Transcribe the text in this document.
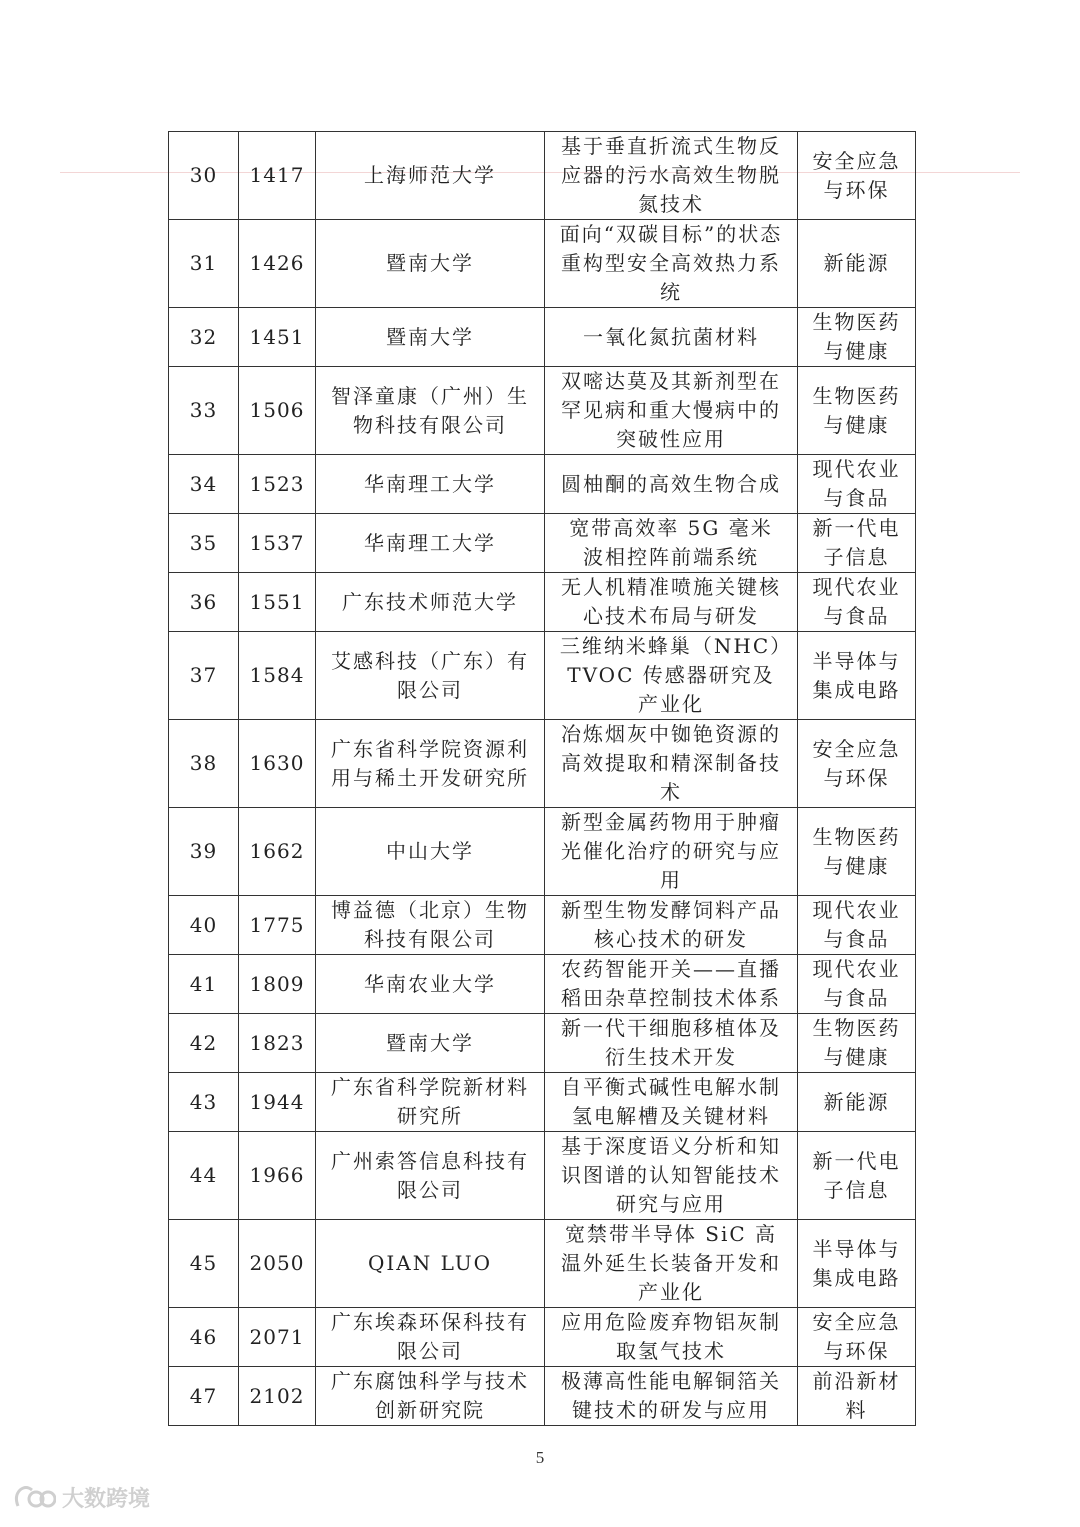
30	1417	上海师范大学	基于垂直折流式生物反应器的污水高效生物脱氮技术	安全应急与环保
31	1426	暨南大学	面向“双碳目标”的状态重构型安全高效热力系统	新能源
32	1451	暨南大学	一氧化氮抗菌材料	生物医药与健康
33	1506	智泽童康（广州）生物科技有限公司	双嘧达莫及其新剂型在罕见病和重大慢病中的突破性应用	生物医药与健康
34	1523	华南理工大学	圆柚酮的高效生物合成	现代农业与食品
35	1537	华南理工大学	宽带高效率 5G 毫米波相控阵前端系统	新一代电子信息
36	1551	广东技术师范大学	无人机精准喷施关键核心技术布局与研发	现代农业与食品
37	1584	艾感科技（广东）有限公司	三维纳米蜂巢（NHC）TVOC 传感器研究及产业化	半导体与集成电路
38	1630	广东省科学院资源利用与稀土开发研究所	冶炼烟灰中铷铯资源的高效提取和精深制备技术	安全应急与环保
39	1662	中山大学	新型金属药物用于肿瘤光催化治疗的研究与应用	生物医药与健康
40	1775	博益德（北京）生物科技有限公司	新型生物发酵饲料产品核心技术的研发	现代农业与食品
41	1809	华南农业大学	农药智能开关——直播稻田杂草控制技术体系	现代农业与食品
42	1823	暨南大学	新一代干细胞移植体及衍生技术开发	生物医药与健康
43	1944	广东省科学院新材料研究所	自平衡式碱性电解水制氢电解槽及关键材料	新能源
44	1966	广州索答信息科技有限公司	基于深度语义分析和知识图谱的认知智能技术研究与应用	新一代电子信息
45	2050	QIAN LUO	宽禁带半导体 SiC 高温外延生长装备开发和产业化	半导体与集成电路
46	2071	广东埃森环保科技有限公司	应用危险废弃物铝灰制取氢气技术	安全应急与环保
47	2102	广东腐蚀科学与技术创新研究院	极薄高性能电解铜箔关键技术的研发与应用	前沿新材料
5
大数跨境
